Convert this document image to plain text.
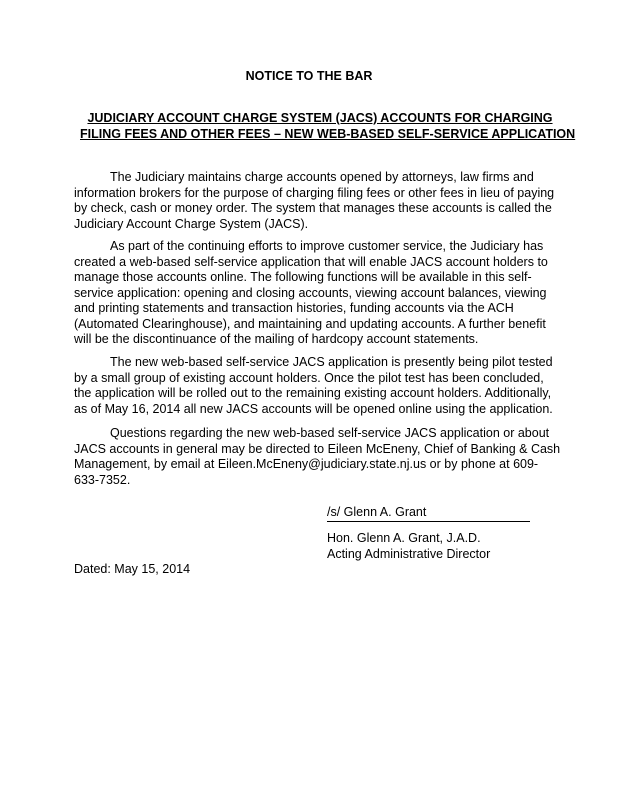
NOTICE TO THE BAR
JUDICIARY ACCOUNT CHARGE SYSTEM (JACS) ACCOUNTS FOR CHARGING
FILING FEES AND OTHER FEES – NEW WEB-BASED SELF-SERVICE APPLICATION
The Judiciary maintains charge accounts opened by attorneys, law firms and
information brokers for the purpose of charging filing fees or other fees in lieu of paying
by check, cash or money order. The system that manages these accounts is called the
Judiciary Account Charge System (JACS).
As part of the continuing efforts to improve customer service, the Judiciary has
created a web-based self-service application that will enable JACS account holders to
manage those accounts online. The following functions will be available in this self-
service application: opening and closing accounts, viewing account balances, viewing
and printing statements and transaction histories, funding accounts via the ACH
(Automated Clearinghouse), and maintaining and updating accounts. A further benefit
will be the discontinuance of the mailing of hardcopy account statements.
The new web-based self-service JACS application is presently being pilot tested
by a small group of existing account holders. Once the pilot test has been concluded,
the application will be rolled out to the remaining existing account holders. Additionally,
as of May 16, 2014 all new JACS accounts will be opened online using the application.
Questions regarding the new web-based self-service JACS application or about
JACS accounts in general may be directed to Eileen McEneny, Chief of Banking & Cash
Management, by email at Eileen.McEneny@judiciary.state.nj.us or by phone at 609-
633-7352.
/s/ Glenn A. Grant
Hon. Glenn A. Grant, J.A.D.
Acting Administrative Director
Dated: May 15, 2014
